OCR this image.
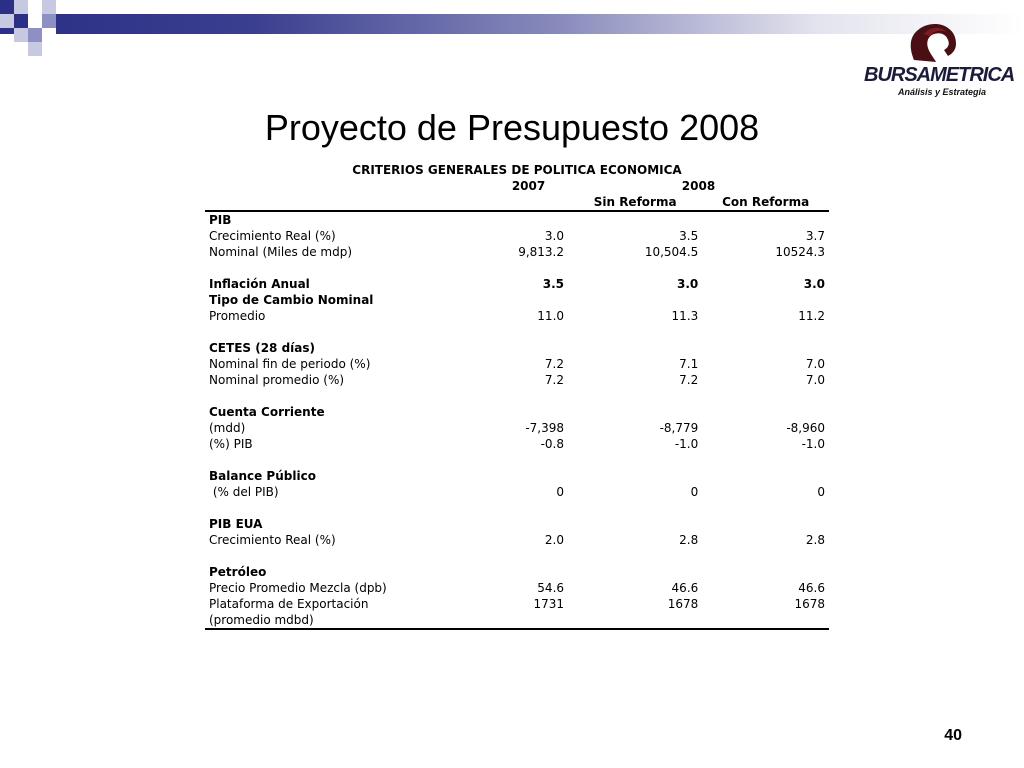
BURSAMETRICA
Análisis y Estrategia
Proyecto de Presupuesto 2008
CRITERIOS GENERALES DE POLITICA ECONOMICA			
	2007	2008	
		Sin Reforma	Con Reforma
PIB			
Crecimiento Real (%)	3.0	3.5	3.7
Nominal (Miles de mdp)	9,813.2	10,504.5	10524.3

Inflación Anual	3.5	3.0	3.0
Tipo de Cambio Nominal			
Promedio	11.0	11.3	11.2

CETES (28 días)			
Nominal fin de periodo (%)	7.2	7.1	7.0
Nominal promedio (%)	7.2	7.2	7.0

Cuenta Corriente			
(mdd)	-7,398	-8,779	-8,960
(%) PIB	-0.8	-1.0	-1.0

Balance Público			
(% del PIB)	0	0	0

PIB EUA			
Crecimiento Real (%)	2.0	2.8	2.8

Petróleo			
Precio Promedio Mezcla (dpb)	54.6	46.6	46.6
Plataforma de Exportación	1731	1678	1678
(promedio mdbd)			
40
